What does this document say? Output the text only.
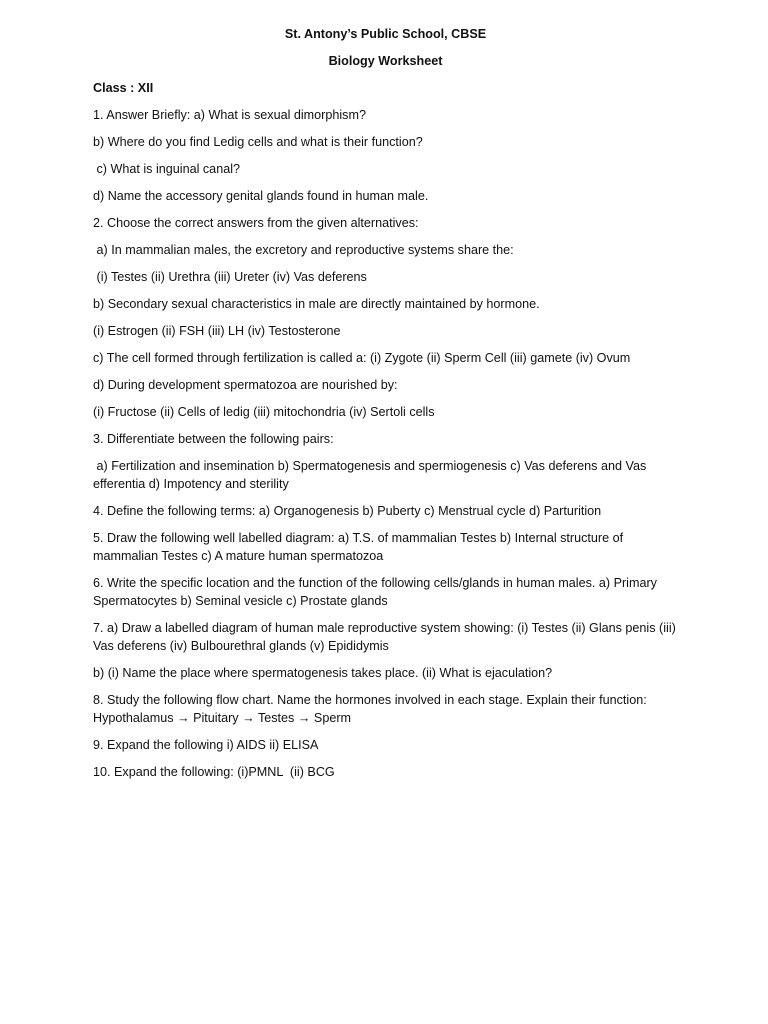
St. Antony’s Public School, CBSE
Biology Worksheet
Class : XII
1. Answer Briefly: a) What is sexual dimorphism?
b) Where do you find Ledig cells and what is their function?
c) What is inguinal canal?
d) Name the accessory genital glands found in human male.
2. Choose the correct answers from the given alternatives:
a) In mammalian males, the excretory and reproductive systems share the:
(i) Testes (ii) Urethra (iii) Ureter (iv) Vas deferens
b) Secondary sexual characteristics in male are directly maintained by hormone.
(i) Estrogen (ii) FSH (iii) LH (iv) Testosterone
c) The cell formed through fertilization is called a: (i) Zygote (ii) Sperm Cell (iii) gamete (iv) Ovum
d) During development spermatozoa are nourished by:
(i) Fructose (ii) Cells of ledig (iii) mitochondria (iv) Sertoli cells
3. Differentiate between the following pairs:
a) Fertilization and insemination b) Spermatogenesis and spermiogenesis c) Vas deferens and Vas efferentia d) Impotency and sterility
4. Define the following terms: a) Organogenesis b) Puberty c) Menstrual cycle d) Parturition
5. Draw the following well labelled diagram: a) T.S. of mammalian Testes b) Internal structure of mammalian Testes c) A mature human spermatozoa
6. Write the specific location and the function of the following cells/glands in human males. a) Primary Spermatocytes b) Seminal vesicle c) Prostate glands
7. a) Draw a labelled diagram of human male reproductive system showing: (i) Testes (ii) Glans penis (iii) Vas deferens (iv) Bulbourethral glands (v) Epididymis
b) (i) Name the place where spermatogenesis takes place. (ii) What is ejaculation?
8. Study the following flow chart. Name the hormones involved in each stage. Explain their function: Hypothalamus → Pituitary → Testes → Sperm
9. Expand the following i) AIDS ii) ELISA
10. Expand the following: (i)PMNL  (ii) BCG
